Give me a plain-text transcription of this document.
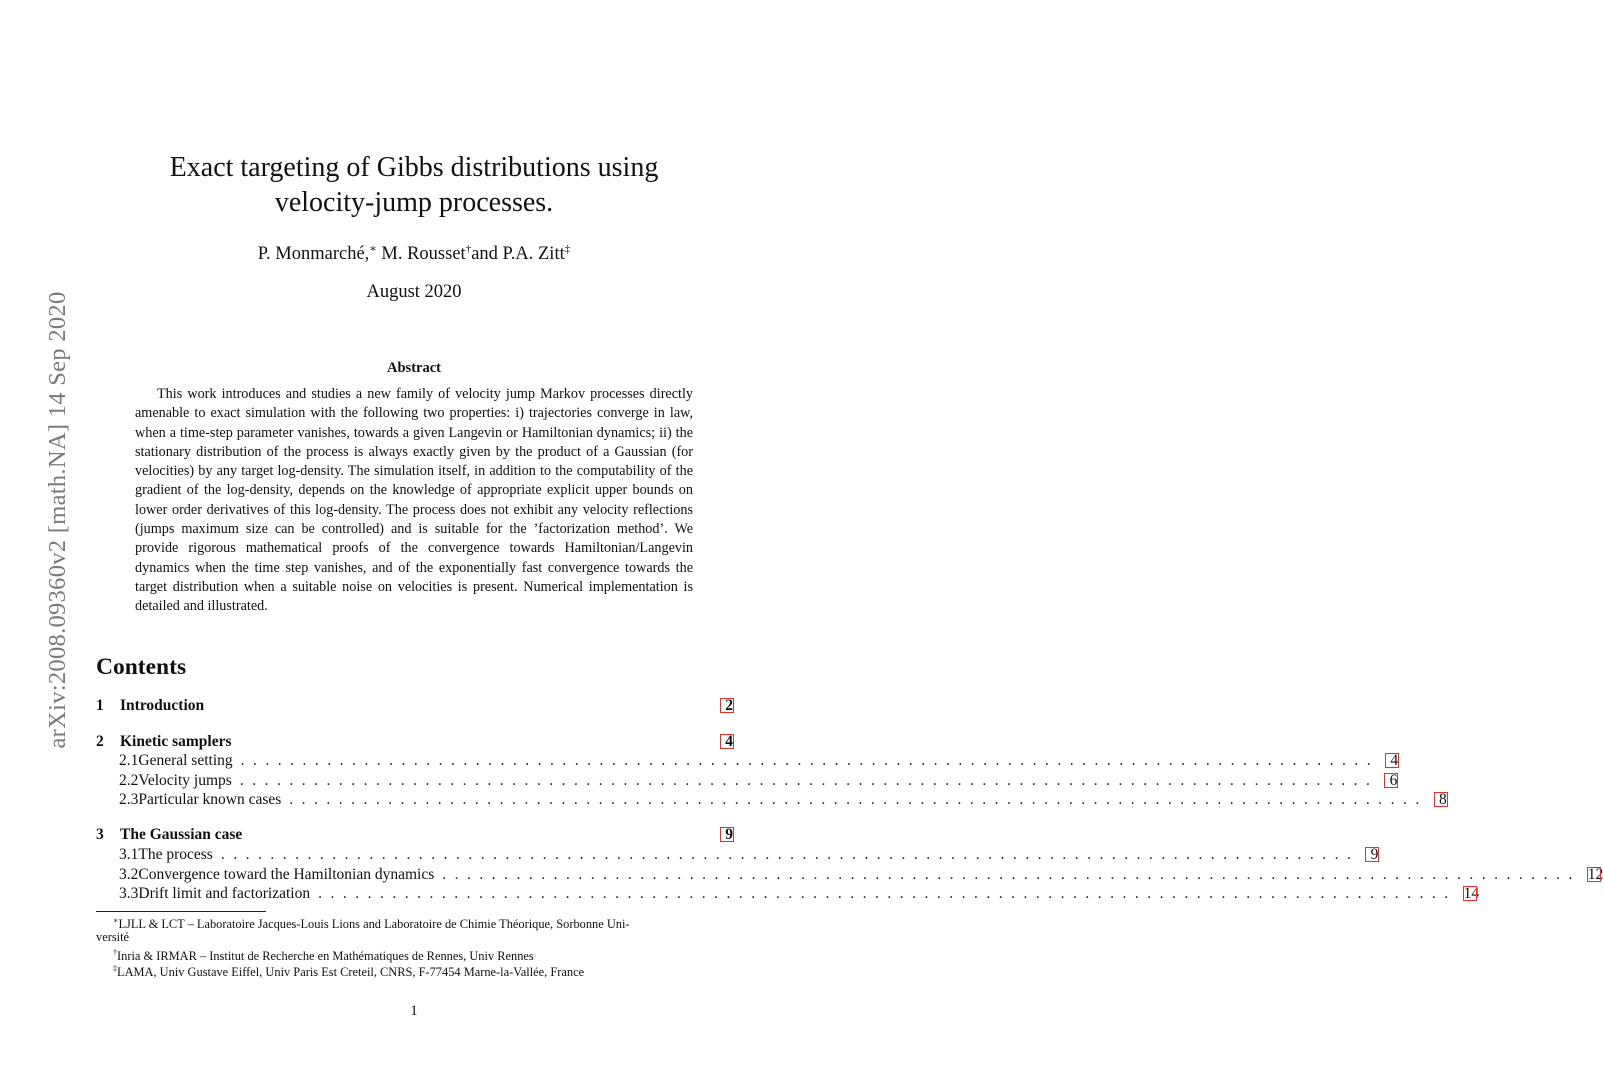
arXiv:2008.09360v2 [math.NA] 14 Sep 2020
Exact targeting of Gibbs distributions using
velocity-jump processes.
P. Monmarché,∗ M. Rousset†and P.A. Zitt‡
August 2020
Abstract

This work introduces and studies a new family of velocity jump Markov processes directly amenable to exact simulation with the following two properties: i) trajectories converge in law, when a time-step parameter vanishes, towards a given Langevin or Hamiltonian dynamics; ii) the stationary distribution of the process is always exactly given by the product of a Gaussian (for velocities) by any target log-density. The simulation itself, in addition to the computability of the gradient of the log-density, depends on the knowledge of appropriate explicit upper bounds on lower order derivatives of this log-density. The process does not exhibit any velocity reflections (jumps maximum size can be controlled) and is suitable for the ’factorization method’. We provide rigorous mathematical proofs of the convergence towards Hamiltonian/Langevin dynamics when the time step vanishes, and of the exponentially fast convergence towards the target distribution when a suitable noise on velocities is present. Numerical implementation is detailed and illustrated.

Contents
1	Introduction	2
2	Kinetic samplers	4
2.1 General setting ............................................................................................ 4
2.2 Velocity jumps ............................................................................................ 6
2.3 Particular known cases ............................................................................................ 8
3	The Gaussian case	9
3.1 The process ............................................................................................ 9
3.2 Convergence toward the Hamiltonian dynamics ............................................................................................ 12
3.3 Drift limit and factorization ............................................................................................ 14
∗LJLL & LCT – Laboratoire Jacques-Louis Lions and Laboratoire de Chimie Théorique, Sorbonne Uni-
versité
†Inria & IRMAR – Institut de Recherche en Mathématiques de Rennes, Univ Rennes
‡LAMA, Univ Gustave Eiffel, Univ Paris Est Creteil, CNRS, F-77454 Marne-la-Vallée, France
1
